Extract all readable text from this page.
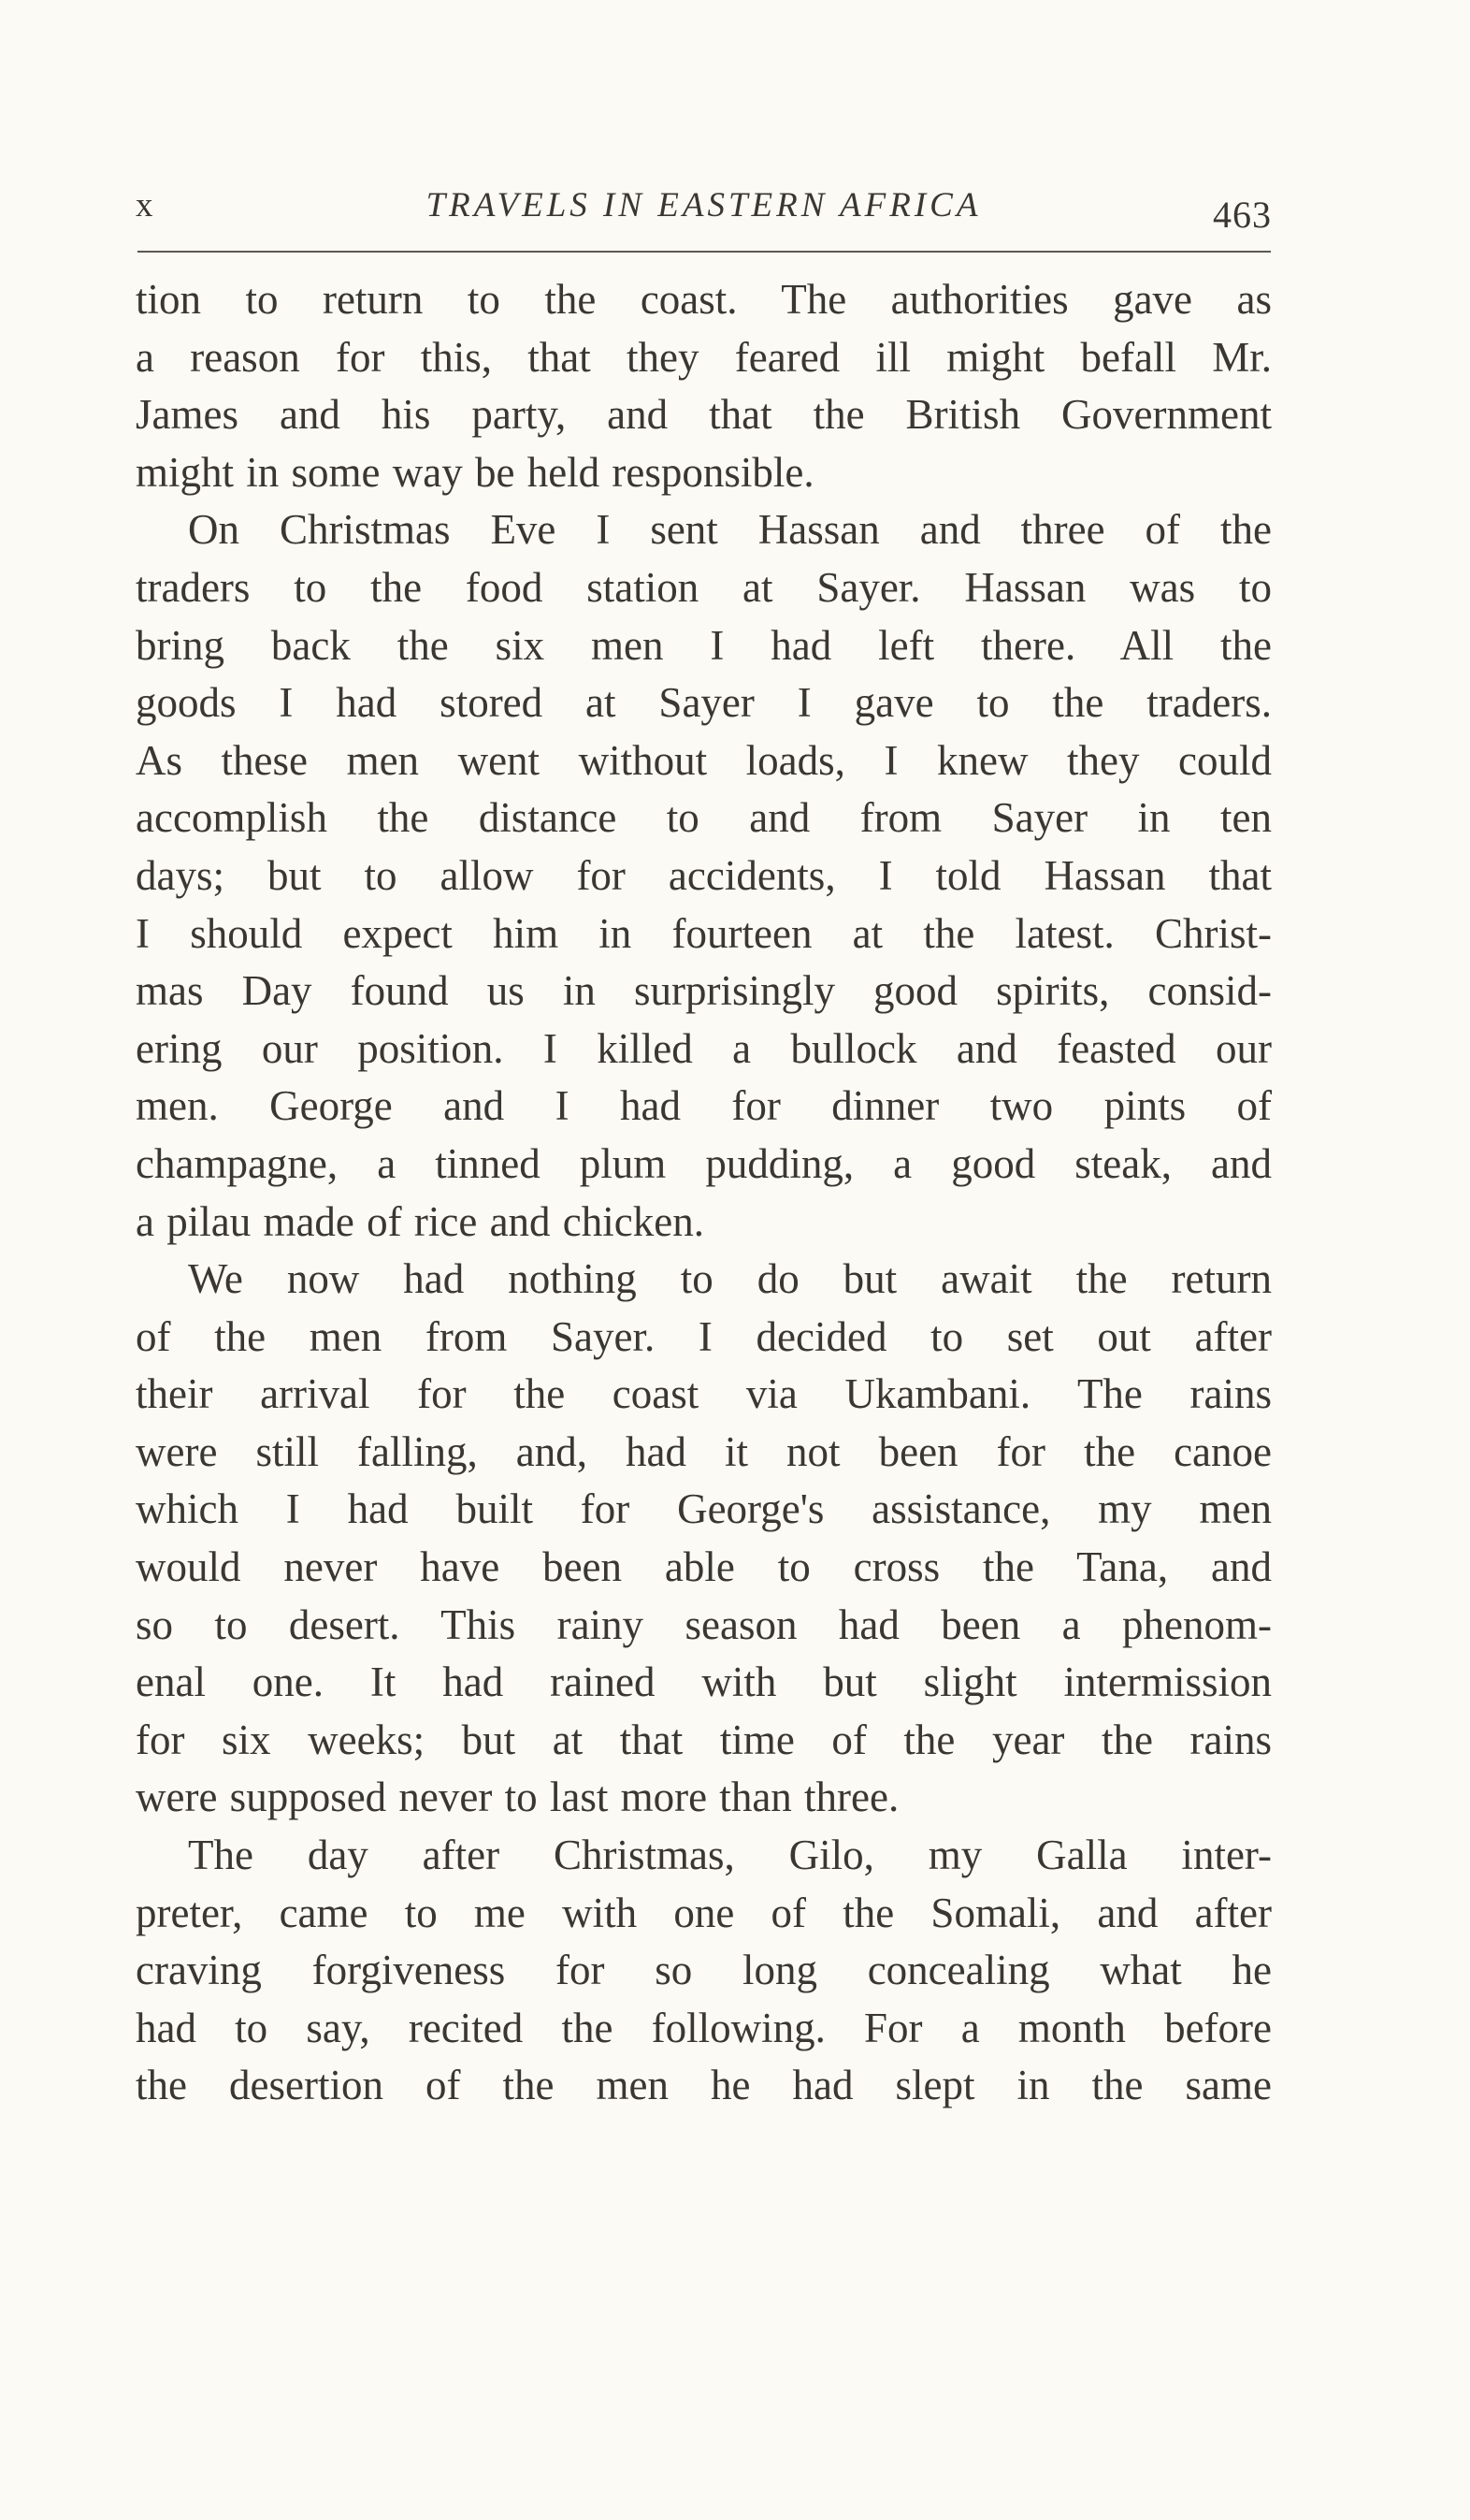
x	TRAVELS IN EASTERN AFRICA	463
tion to return to the coast. The authorities gave as
a reason for this, that they feared ill might befall Mr.
James and his party, and that the British Government
might in some way be held responsible.
On Christmas Eve I sent Hassan and three of the
traders to the food station at Sayer. Hassan was to
bring back the six men I had left there. All the
goods I had stored at Sayer I gave to the traders.
As these men went without loads, I knew they could
accomplish the distance to and from Sayer in ten
days; but to allow for accidents, I told Hassan that
I should expect him in fourteen at the latest. Christ-
mas Day found us in surprisingly good spirits, consid-
ering our position. I killed a bullock and feasted our
men. George and I had for dinner two pints of
champagne, a tinned plum pudding, a good steak, and
a pilau made of rice and chicken.
We now had nothing to do but await the return
of the men from Sayer. I decided to set out after
their arrival for the coast via Ukambani. The rains
were still falling, and, had it not been for the canoe
which I had built for George's assistance, my men
would never have been able to cross the Tana, and
so to desert. This rainy season had been a phenom-
enal one. It had rained with but slight intermission
for six weeks; but at that time of the year the rains
were supposed never to last more than three.
The day after Christmas, Gilo, my Galla inter-
preter, came to me with one of the Somali, and after
craving forgiveness for so long concealing what he
had to say, recited the following. For a month before
the desertion of the men he had slept in the same
